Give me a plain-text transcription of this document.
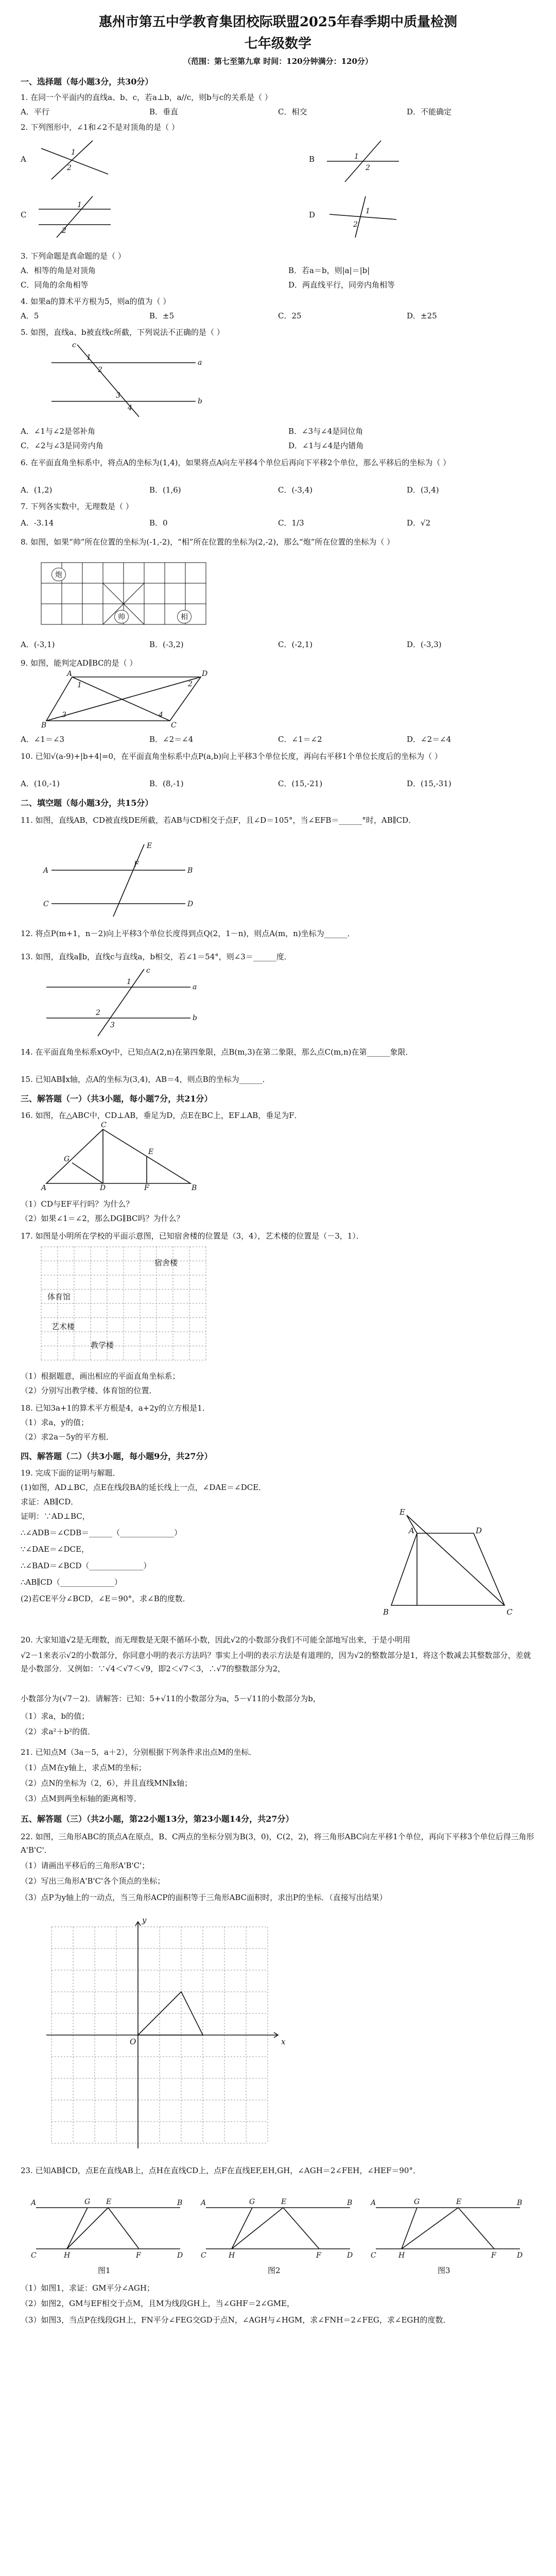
惠州市第五中学教育集团校际联盟2025年春季期中质量检测
七年级数学
（范围：第七至第九章 时间：120分钟满分：120分）
一、选择题（每小题3分，共30分）
1. 在同一个平面内的直线a、b、c，若a⊥b，a//c，则b与c的关系是（ ）
A．平行	B．垂直	C．相交	D．不能确定
2. 下列图形中，∠1和∠2不是对顶角的是（ ）
A
1
2
B	1
2
C
1
2
D	1
2
3. 下列命题是真命题的是（ ）
A．相等的角是对顶角	B．若a＝b，则|a|＝|b|
C．同角的余角相等	D．两直线平行，同旁内角相等
4. 如果a的算术平方根为5，则a的值为（ ）
A．5	B．±5	C．25	D．±25
5. 如图，直线a、b被直线c所截，下列说法不正确的是（ ）
a
b
c
1
2
3
4
A．∠1与∠2是邻补角	B．∠3与∠4是同位角
C．∠2与∠3是同旁内角	D．∠1与∠4是内错角
6. 在平面直角坐标系中，将点A的坐标为(1,4)，如果将点A向左平移4个单位后再向下平移2个单位，那么平移后的坐标为（ ）
A．(1,2)	B．(1,6)	C．(-3,4)	D．(3,4)
7. 下列各实数中，无理数是（ ）
A．-3.14	B．0	C．1/3	D．√2
8. 如图，如果“帅”所在位置的坐标为(-1,-2)，“相”所在位置的坐标为(2,-2)，那么“炮”所在位置的坐标为（ ）
炮
帅	相
A．(-3,1)	B．(-3,2)	C．(-2,1)	D．(-3,3)
9. 如图，能判定AD∥BC的是（ ）
A	D
B	C
1	2
3	4
A．∠1＝∠3	B．∠2＝∠4	C．∠1＝∠2	D．∠2＝∠4
10. 已知√(a-9)+|b+4|=0，在平面直角坐标系中点P(a,b)向上平移3个单位长度，再向右平移1个单位长度后的坐标为（ ）
A．(10,-1)	B．(8,-1)	C．(15,-21)	D．(15,-31)
二、填空题（每小题3分，共15分）
11. 如图，直线AB，CD被直线DE所截，若AB与CD相交于点F，且∠D＝105°，当∠EFB＝______°时，AB∥CD．
A	B
C	D
E
F
12. 将点P(m+1，n－2)向上平移3个单位长度得到点Q(2，1－n)，则点A(m，n)坐标为______．
13. 如图，直线a∥b，直线c与直线a，b相交，若∠1＝54°，则∠3＝______度．
a
b
c
1
2
3
14. 在平面直角坐标系xOy中，已知点A(2,n)在第四象限，点B(m,3)在第二象限，那么点C(m,n)在第______象限．
15. 已知AB∥x轴，点A的坐标为(3,4)，AB＝4，则点B的坐标为______．
三、解答题（一）（共3小题，每小题7分，共21分）
16. 如图，在△ABC中，CD⊥AB，垂足为D，点E在BC上，EF⊥AB，垂足为F．
A	B
C
D
E
F
G
（1）CD与EF平行吗？为什么？
（2）如果∠1＝∠2，那么DG∥BC吗？为什么？
17. 如图是小明所在学校的平面示意图，已知宿舍楼的位置是（3，4），艺术楼的位置是（－3，1）．
宿舍楼
体育馆
艺术楼
教学楼
（1）根据题意，画出相应的平面直角坐标系；
（2）分别写出教学楼、体育馆的位置．
18. 已知3a+1的算术平方根是4，a+2y的立方根是1．
（1）求a，y的值；
（2）求2a－5y的平方根．
四、解答题（二）（共3小题，每小题9分，共27分）
19. 完成下面的证明与解题．
(1)如图，AD⊥BC，点E在线段BA的延长线上一点，∠DAE＝∠DCE．
求证：AB∥CD．
证明：∵AD⊥BC，
∴∠ADB＝∠CDB＝______（______________）
∵∠DAE＝∠DCE，
∴∠BAD＝∠BCD（______________）
∴AB∥CD（______________）
(2)若CE平分∠BCD，∠E＝90°，求∠B的度数．
E
A	D
B	C
20. 大家知道√2是无理数，而无理数是无限不循环小数，因此√2的小数部分我们不可能全部地写出来，于是小明用
√2－1来表示√2的小数部分，你同意小明的表示方法吗？事实上小明的表示方法是有道理的，因为√2的整数部分是1，将这个数减去其整数部分，差就是小数部分．又例如：∵√4＜√7＜√9，即2＜√7＜3，∴√7的整数部分为2，
小数部分为(√7－2)．请解答：已知：5+√11的小数部分为a，5－√11的小数部分为b，
（1）求a，b的值；
（2）求a²＋b²的值．
21. 已知点M（3a－5，a＋2），分别根据下列条件求出点M的坐标．
（1）点M在y轴上，求点M的坐标；
（2）点N的坐标为（2，6），并且直线MN∥x轴；
（3）点M到两坐标轴的距离相等．
五、解答题（三）（共2小题，第22小题13分，第23小题14分，共27分）
22. 如图，三角形ABC的顶点A在原点，B、C两点的坐标分别为B(3，0)，C(2，2)，将三角形ABC向左平移1个单位，再向下平移3个单位后得三角形A'B'C'．
（1）请画出平移后的三角形A'B'C'；
（2）写出三角形A'B'C'各个顶点的坐标；
（3）点P为y轴上的一动点，当三角形ACP的面积等于三角形ABC面积时，求出P的坐标．（直接写出结果）
x
y
O
23. 已知AB∥CD，点E在直线AB上，点H在直线CD上，点F在直线EF,EH,GH，∠AGH＝2∠FEH，∠HEF＝90°．
A	G E	B
C	H	F	D
A	G	E	B
C	H	F	D
A	G	E	B
C	H	F	D
图1	图2	图3
（1）如图1，求证：GM平分∠AGH；
（2）如图2，GM与EF相交于点M，且M为线段GH上，当∠GHF＝2∠GME，
（3）如图3，当点P在线段GH上，FN平分∠FEG交GD于点N，∠AGH与∠HGM，求∠FNH＝2∠FEG，求∠EGH的度数．
